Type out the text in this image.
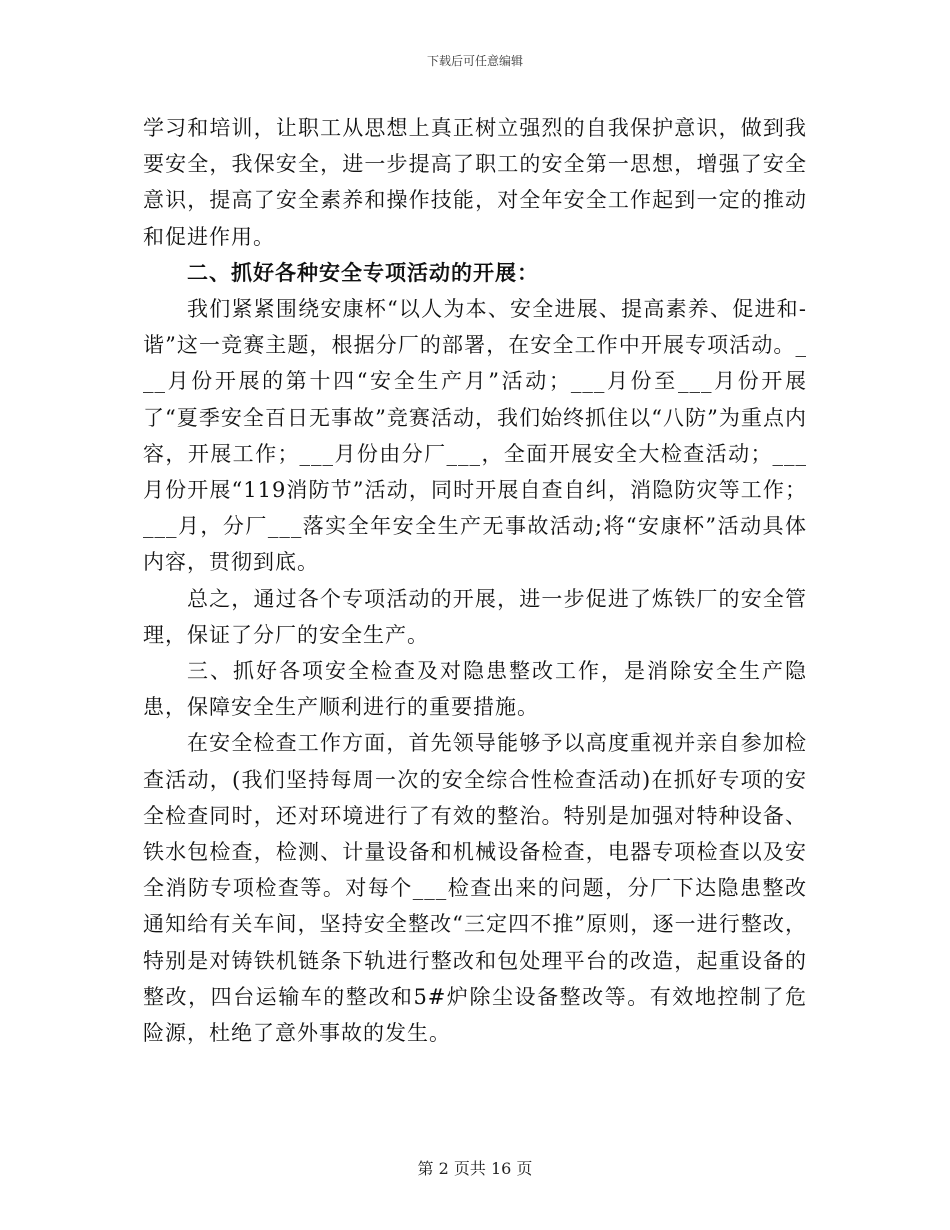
下载后可任意编辑

学习和培训，让职工从思想上真正树立强烈的自我保护意识，做到我要安全，我保安全，进一步提高了职工的安全第一思想，增强了安全意识，提高了安全素养和操作技能，对全年安全工作起到一定的推动和促进作用。

二、抓好各种安全专项活动的开展：

我们紧紧围绕安康杯“以人为本、安全进展、提高素养、促进和-谐”这一竞赛主题，根据分厂的部署，在安全工作中开展专项活动。___月份开展的第十四“安全生产月”活动；___月份至___月份开展了“夏季安全百日无事故”竞赛活动，我们始终抓住以“八防”为重点内容，开展工作；___月份由分厂___，全面开展安全大检查活动；___月份开展“119消防节”活动，同时开展自查自纠，消隐防灾等工作；___月，分厂___落实全年安全生产无事故活动;将“安康杯”活动具体内容，贯彻到底。

总之，通过各个专项活动的开展，进一步促进了炼铁厂的安全管理，保证了分厂的安全生产。

三、抓好各项安全检查及对隐患整改工作，是消除安全生产隐患，保障安全生产顺利进行的重要措施。

在安全检查工作方面，首先领导能够予以高度重视并亲自参加检查活动，(我们坚持每周一次的安全综合性检查活动)在抓好专项的安全检查同时，还对环境进行了有效的整治。特别是加强对特种设备、铁水包检查，检测、计量设备和机械设备检查，电器专项检查以及安全消防专项检查等。对每个___检查出来的问题，分厂下达隐患整改通知给有关车间，坚持安全整改“三定四不推”原则，逐一进行整改，特别是对铸铁机链条下轨进行整改和包处理平台的改造，起重设备的整改，四台运输车的整改和5#炉除尘设备整改等。有效地控制了危险源，杜绝了意外事故的发生。

第 2 页共 16 页
